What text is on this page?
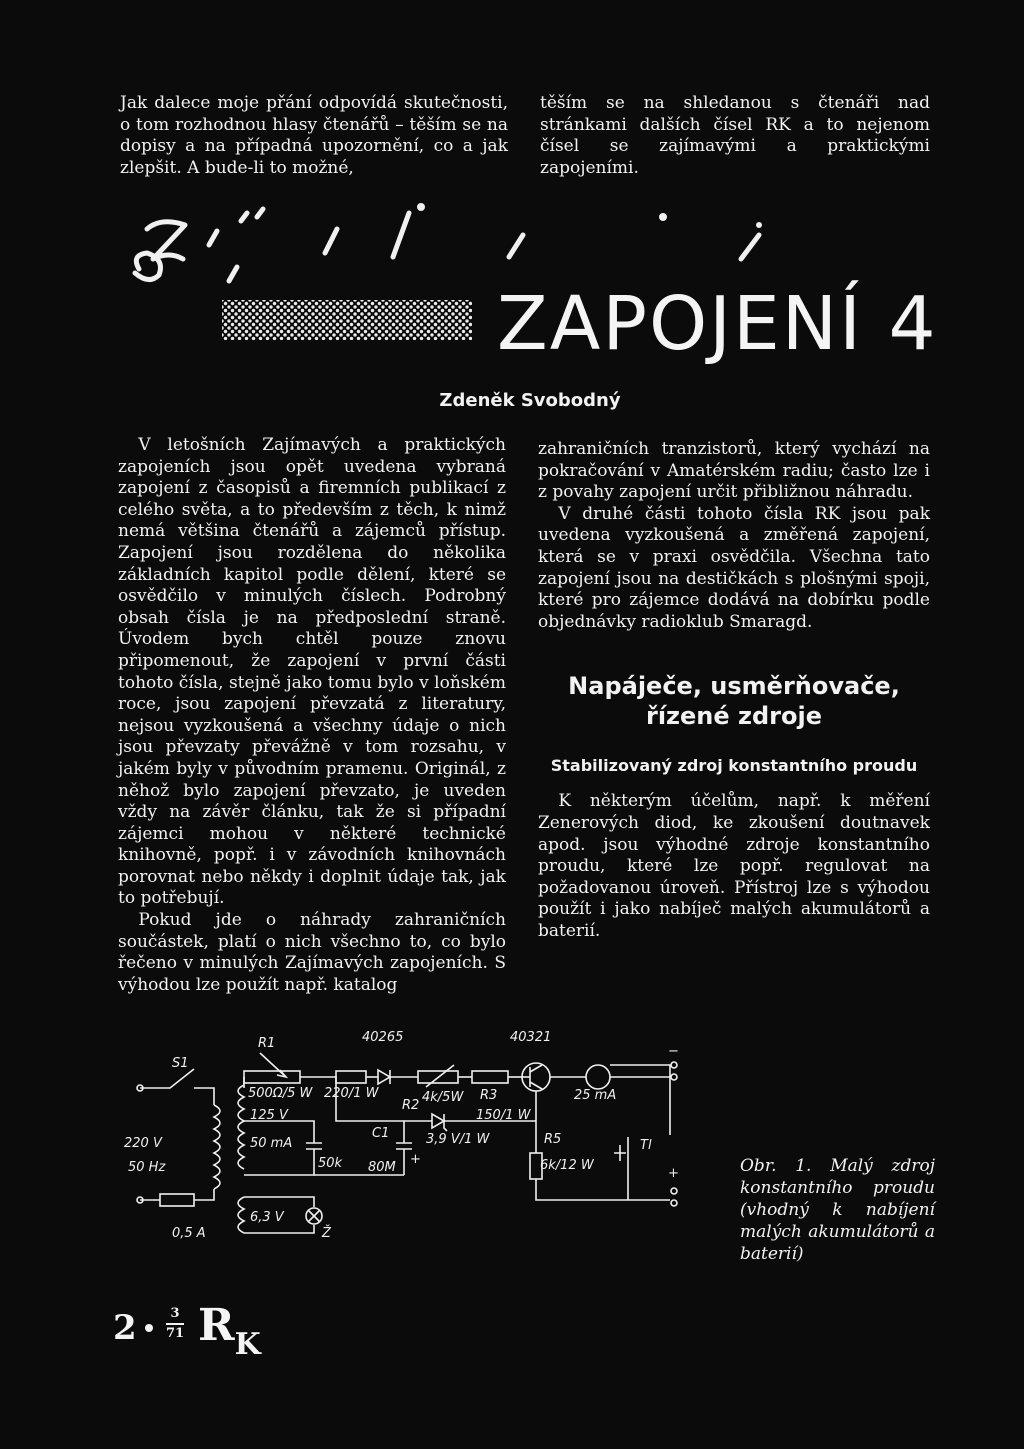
Jak dalece moje přání odpovídá skutečnosti, o tom rozhodnou hlasy čtenářů – těším se na dopisy a na případná upozornění, co a jak zlepšit. A bude-li to možné,

těším se na shledanou s čtenáři nad stránkami dalších čísel RK a to nejenom čísel se zajímavými a praktickými zapojeními.

ZAPOJENÍ 4
Zdeněk Svobodný

V letošních Zajímavých a praktických zapojeních jsou opět uvedena vybraná zapojení z časopisů a firemních publikací z celého světa, a to především z těch, k nimž nemá většina čtenářů a zájemců přístup. Zapojení jsou rozdělena do několika základních kapitol podle dělení, které se osvědčilo v minulých číslech. Podrobný obsah čísla je na předposlední straně. Úvodem bych chtěl pouze znovu připomenout, že zapojení v první části tohoto čísla, stejně jako tomu bylo v loňském roce, jsou zapojení převzatá z literatury, nejsou vyzkoušená a všechny údaje o nich jsou převzaty převážně v tom rozsahu, v jakém byly v původním pramenu. Originál, z něhož bylo zapojení převzato, je uveden vždy na závěr článku, tak že si případní zájemci mohou v některé technické knihovně, popř. i v závodních knihovnách porovnat nebo někdy i doplnit údaje tak, jak to potřebují.

Pokud jde o náhrady zahraničních součástek, platí o nich všechno to, co bylo řečeno v minulých Zajímavých zapojeních. S výhodou lze použít např. katalog

zahraničních tranzistorů, který vychází na pokračování v Amatérském radiu; často lze i z povahy zapojení určit přibližnou náhradu.

V druhé části tohoto čísla RK jsou pak uvedena vyzkoušená a změřená zapojení, která se v praxi osvědčila. Všechna tato zapojení jsou na destičkách s plošnými spoji, které pro zájemce dodává na dobírku podle objednávky radioklub Smaragd.

Napáječe, usměrňovače, řízené zdroje
Stabilizovaný zdroj konstantního proudu

K některým účelům, např. k měření Zenerových diod, ke zkoušení doutnavek apod. jsou výhodné zdroje konstantního proudu, které lze popř. regulovat na požadovanou úroveň. Přístroj lze s výhodou použít i jako nabíječ malých akumulátorů a baterií.

R1	40265	40321
S1
500Ω/5 W 220/1 W
R2
4k/5W R3
150/1 W
25 mA
125 V
50 mA
220 V
50 Hz
C1	3,9 V/1 W	R5
6k/12 W
Tl
50k 80M
+
+
−
0,5 A
6,3 V
Ž
Obr. 1. Malý zdroj konstantního proudu (vhodný k nabíjení malých akumulátorů a baterií)
2	3
71 $R_K$
